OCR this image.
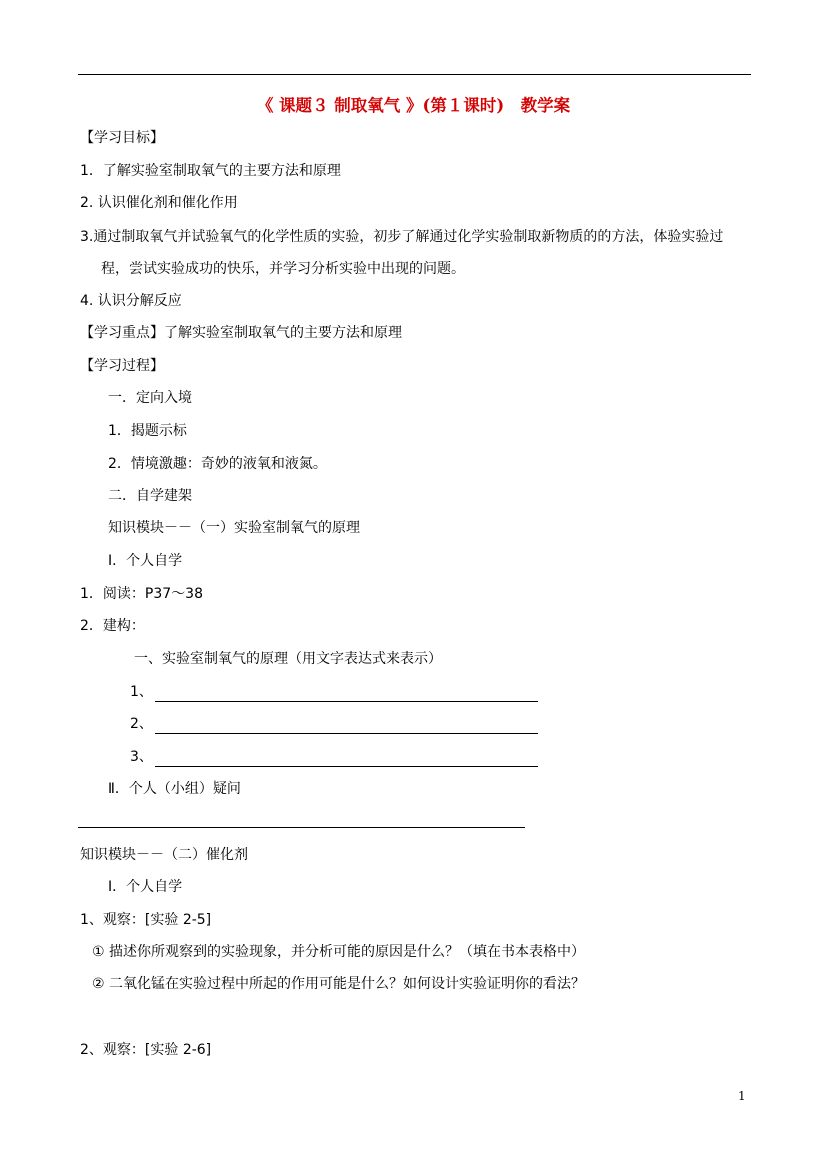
《 课题３ 制取氧气 》(第１课时)　教学案
【学习目标】
1．了解实验室制取氧气的主要方法和原理
2. 认识催化剂和催化作用
3.通过制取氧气并试验氧气的化学性质的实验，初步了解通过化学实验制取新物质的的方法，体验实验过
程，尝试实验成功的快乐，并学习分析实验中出现的问题。
4. 认识分解反应
【学习重点】了解实验室制取氧气的主要方法和原理
【学习过程】
一．定向入境
1．揭题示标
2．情境激趣：奇妙的液氧和液氮。
二．自学建架
知识模块－－（一）实验室制氧气的原理
Ⅰ．个人自学
1．阅读：P37～38
2．建构：
一、实验室制氧气的原理（用文字表达式来表示）
1、
2、
3、
Ⅱ．个人（小组）疑问
知识模块－－（二）催化剂
Ⅰ．个人自学
1、观察：[实验 2-5]
① 描述你所观察到的实验现象，并分析可能的原因是什么？（填在书本表格中）
② 二氧化锰在实验过程中所起的作用可能是什么？如何设计实验证明你的看法？
2、观察：[实验 2-6]
1
